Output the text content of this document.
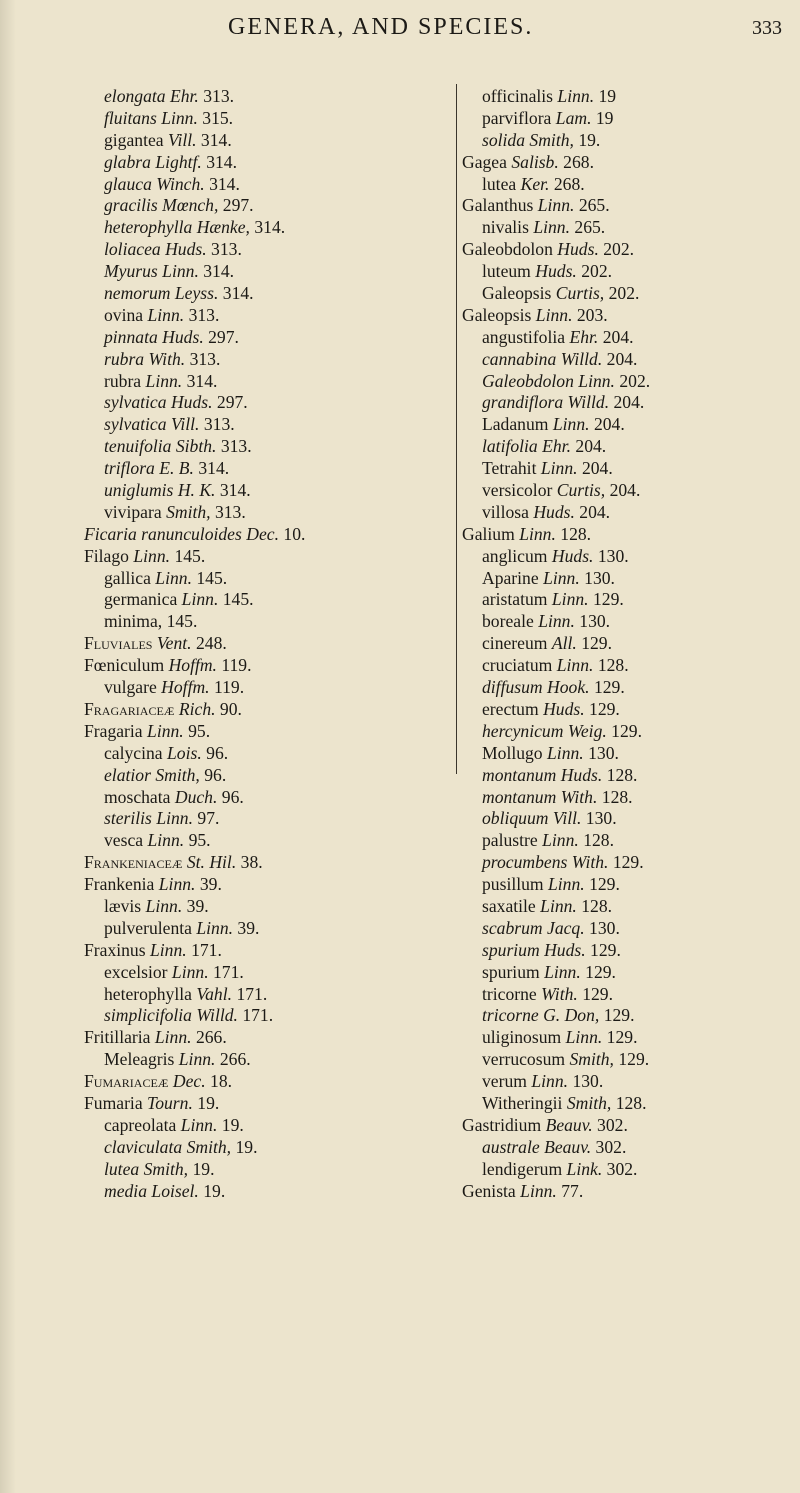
GENERA, AND SPECIES.	333
elongata Ehr. 313.
fluitans Linn. 315.
gigantea Vill. 314.
glabra Lightf. 314.
glauca Winch. 314.
gracilis Mœnch, 297.
heterophylla Hænke, 314.
loliacea Huds. 313.
Myurus Linn. 314.
nemorum Leyss. 314.
ovina Linn. 313.
pinnata Huds. 297.
rubra With. 313.
rubra Linn. 314.
sylvatica Huds. 297.
sylvatica Vill. 313.
tenuifolia Sibth. 313.
triflora E. B. 314.
uniglumis H. K. 314.
vivipara Smith, 313.
Ficaria ranunculoides Dec. 10.
Filago Linn. 145.
gallica Linn. 145.
germanica Linn. 145.
minima, 145.
Fluviales Vent. 248.
Fœniculum Hoffm. 119.
vulgare Hoffm. 119.
Fragariaceæ Rich. 90.
Fragaria Linn. 95.
calycina Lois. 96.
elatior Smith, 96.
moschata Duch. 96.
sterilis Linn. 97.
vesca Linn. 95.
Frankeniaceæ St. Hil. 38.
Frankenia Linn. 39.
lævis Linn. 39.
pulverulenta Linn. 39.
Fraxinus Linn. 171.
excelsior Linn. 171.
heterophylla Vahl. 171.
simplicifolia Willd. 171.
Fritillaria Linn. 266.
Meleagris Linn. 266.
Fumariaceæ Dec. 18.
Fumaria Tourn. 19.
capreolata Linn. 19.
claviculata Smith, 19.
lutea Smith, 19.
media Loisel. 19.
officinalis Linn. 19
parviflora Lam. 19
solida Smith, 19.
Gagea Salisb. 268.
lutea Ker. 268.
Galanthus Linn. 265.
nivalis Linn. 265.
Galeobdolon Huds. 202.
luteum Huds. 202.
Galeopsis Curtis, 202.
Galeopsis Linn. 203.
angustifolia Ehr. 204.
cannabina Willd. 204.
Galeobdolon Linn. 202.
grandiflora Willd. 204.
Ladanum Linn. 204.
latifolia Ehr. 204.
Tetrahit Linn. 204.
versicolor Curtis, 204.
villosa Huds. 204.
Galium Linn. 128.
anglicum Huds. 130.
Aparine Linn. 130.
aristatum Linn. 129.
boreale Linn. 130.
cinereum All. 129.
cruciatum Linn. 128.
diffusum Hook. 129.
erectum Huds. 129.
hercynicum Weig. 129.
Mollugo Linn. 130.
montanum Huds. 128.
montanum With. 128.
obliquum Vill. 130.
palustre Linn. 128.
procumbens With. 129.
pusillum Linn. 129.
saxatile Linn. 128.
scabrum Jacq. 130.
spurium Huds. 129.
spurium Linn. 129.
tricorne With. 129.
tricorne G. Don, 129.
uliginosum Linn. 129.
verrucosum Smith, 129.
verum Linn. 130.
Witheringii Smith, 128.
Gastridium Beauv. 302.
australe Beauv. 302.
lendigerum Link. 302.
Genista Linn. 77.
